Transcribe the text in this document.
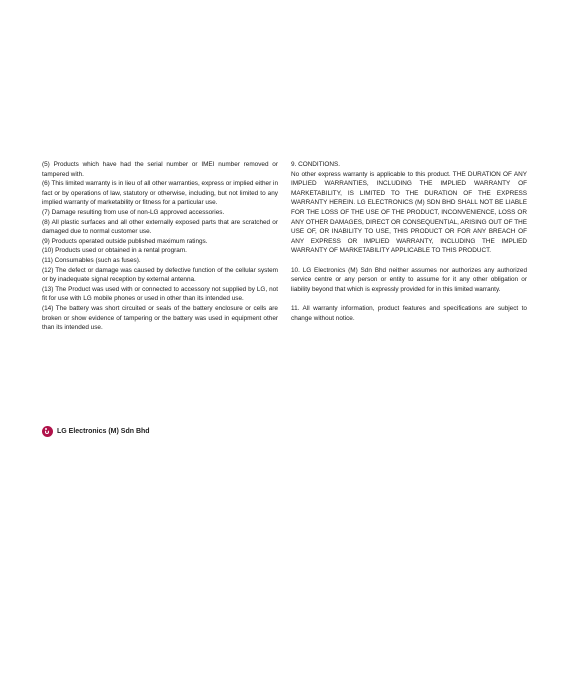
(5) Products which have had the serial number or IMEI number removed or tampered with.

(6) This limited warranty is in lieu of all other warranties, express or implied either in fact or by operations of law, statutory or otherwise, including, but not limited to any implied warranty of marketability or fitness for a particular use.

(7) Damage resulting from use of non-LG approved accessories.

(8) All plastic surfaces and all other externally exposed parts that are scratched or damaged due to normal customer use.

(9) Products operated outside published maximum ratings.

(10) Products used or obtained in a rental program.

(11) Consumables (such as fuses).

(12) The defect or damage was caused by defective function of the cellular system or by inadequate signal reception by external antenna.

(13) The Product was used with or connected to accessory not supplied by LG, not fit for use with LG mobile phones or used in other than its intended use.

(14) The battery was short circuited or seals of the battery enclosure or cells are broken or show evidence of tampering or the battery was used in equipment other than its intended use.

9. CONDITIONS.

No other express warranty is applicable to this product. THE DURATION OF ANY IMPLIED WARRANTIES, INCLUDING THE IMPLIED WARRANTY OF MARKETABILITY, IS LIMITED TO THE DURATION OF THE EXPRESS WARRANTY HEREIN. LG ELECTRONICS (M) SDN BHD SHALL NOT BE LIABLE FOR THE LOSS OF THE USE OF THE PRODUCT, INCONVENIENCE, LOSS OR ANY OTHER DAMAGES, DIRECT OR CONSEQUENTIAL, ARISING OUT OF THE USE OF, OR INABILITY TO USE, THIS PRODUCT OR FOR ANY BREACH OF ANY EXPRESS OR IMPLIED WARRANTY, INCLUDING THE IMPLIED WARRANTY OF MARKETABILITY APPLICABLE TO THIS PRODUCT.

10. LG Electronics (M) Sdn Bhd neither assumes nor authorizes any authorized service centre or any person or entity to assume for it any other obligation or liability beyond that which is expressly provided for in this limited warranty.

11. All warranty information, product features and specifications are subject to change without notice.

LG Electronics (M) Sdn Bhd
